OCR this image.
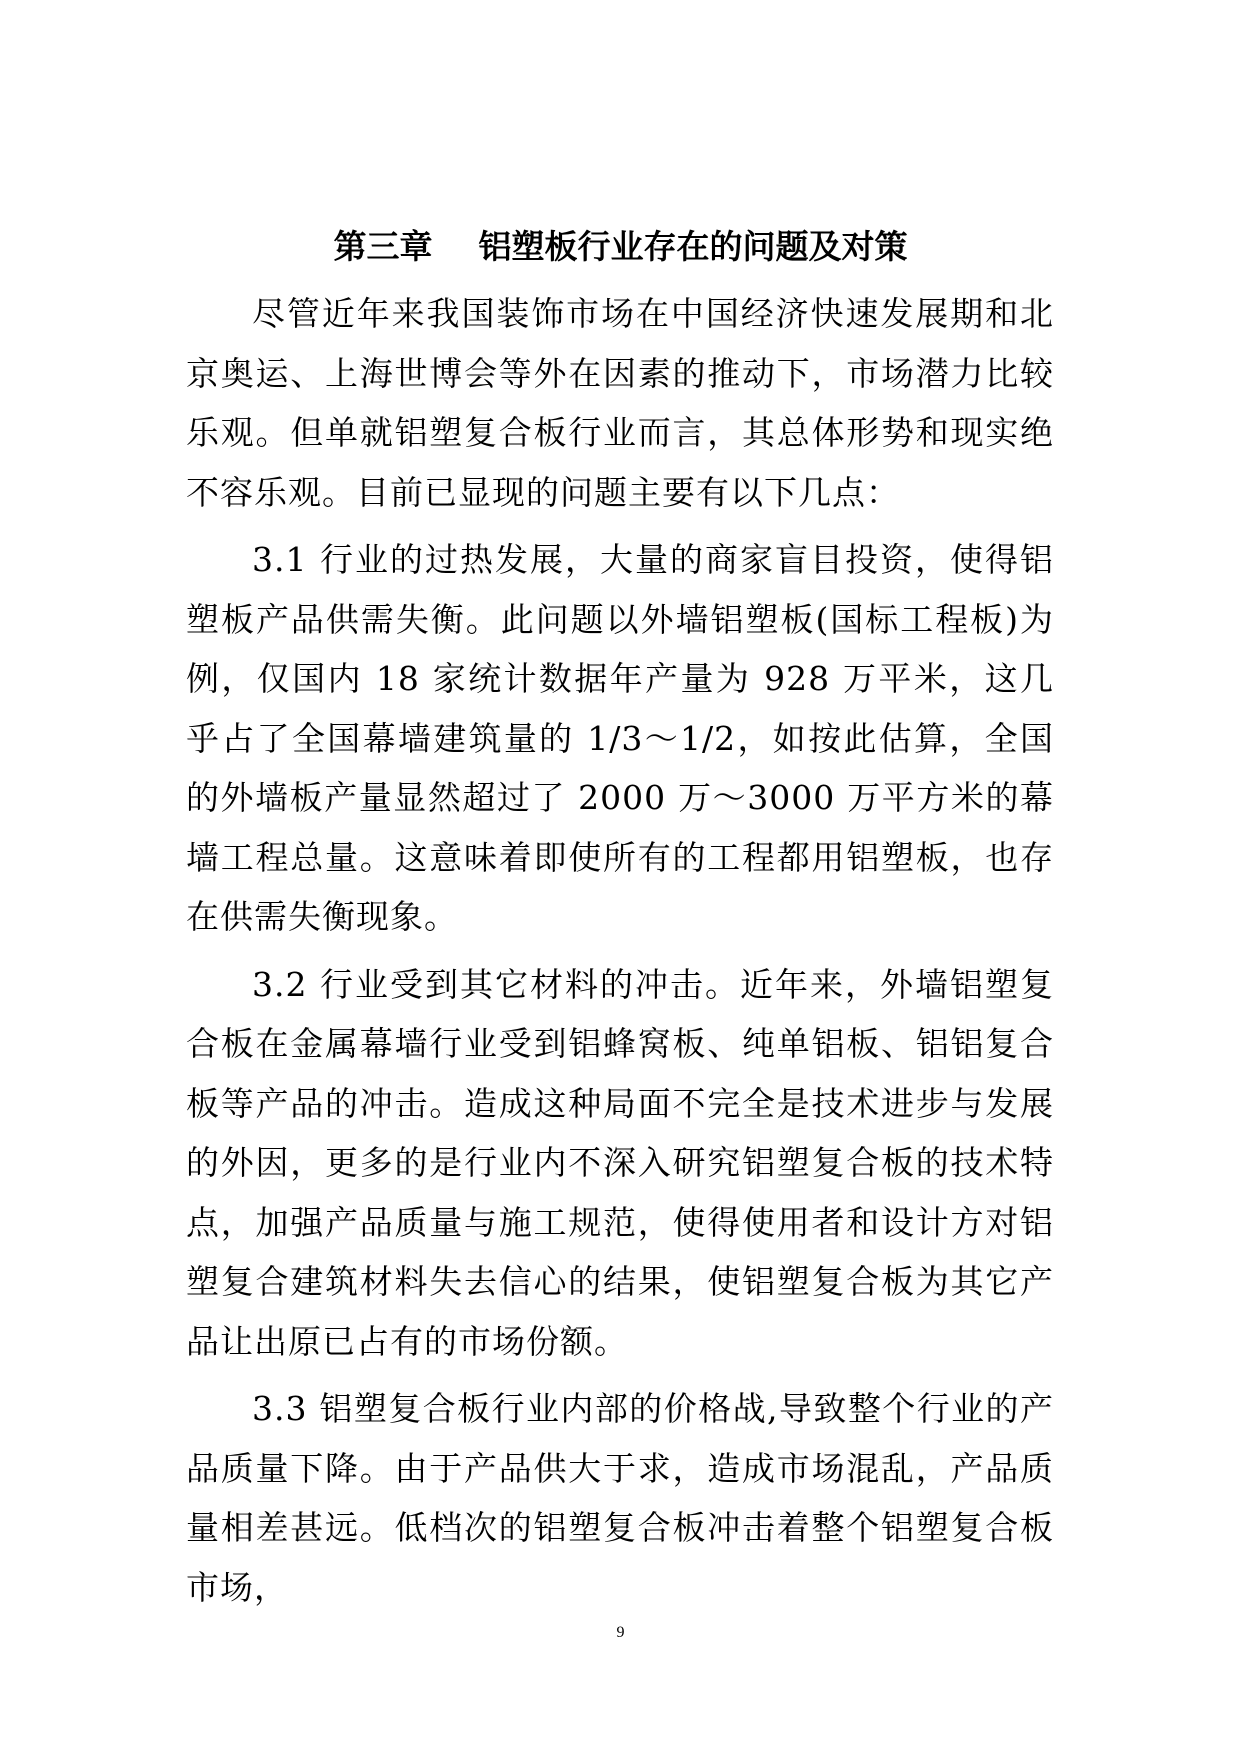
第三章    铝塑板行业存在的问题及对策

尽管近年来我国装饰市场在中国经济快速发展期和北京奥运、上海世博会等外在因素的推动下，市场潜力比较乐观。但单就铝塑复合板行业而言，其总体形势和现实绝不容乐观。目前已显现的问题主要有以下几点：

3.1 行业的过热发展，大量的商家盲目投资，使得铝塑板产品供需失衡。此问题以外墙铝塑板(国标工程板)为例，仅国内 18 家统计数据年产量为 928 万平米，这几乎占了全国幕墙建筑量的 1/3～1/2，如按此估算，全国的外墙板产量显然超过了 2000 万～3000 万平方米的幕墙工程总量。这意味着即使所有的工程都用铝塑板，也存在供需失衡现象。

3.2 行业受到其它材料的冲击。近年来，外墙铝塑复合板在金属幕墙行业受到铝蜂窝板、纯单铝板、铝铝复合板等产品的冲击。造成这种局面不完全是技术进步与发展的外因，更多的是行业内不深入研究铝塑复合板的技术特点，加强产品质量与施工规范，使得使用者和设计方对铝塑复合建筑材料失去信心的结果，使铝塑复合板为其它产品让出原已占有的市场份额。

3.3 铝塑复合板行业内部的价格战,导致整个行业的产品质量下降。由于产品供大于求，造成市场混乱，产品质量相差甚远。低档次的铝塑复合板冲击着整个铝塑复合板市场，

9
